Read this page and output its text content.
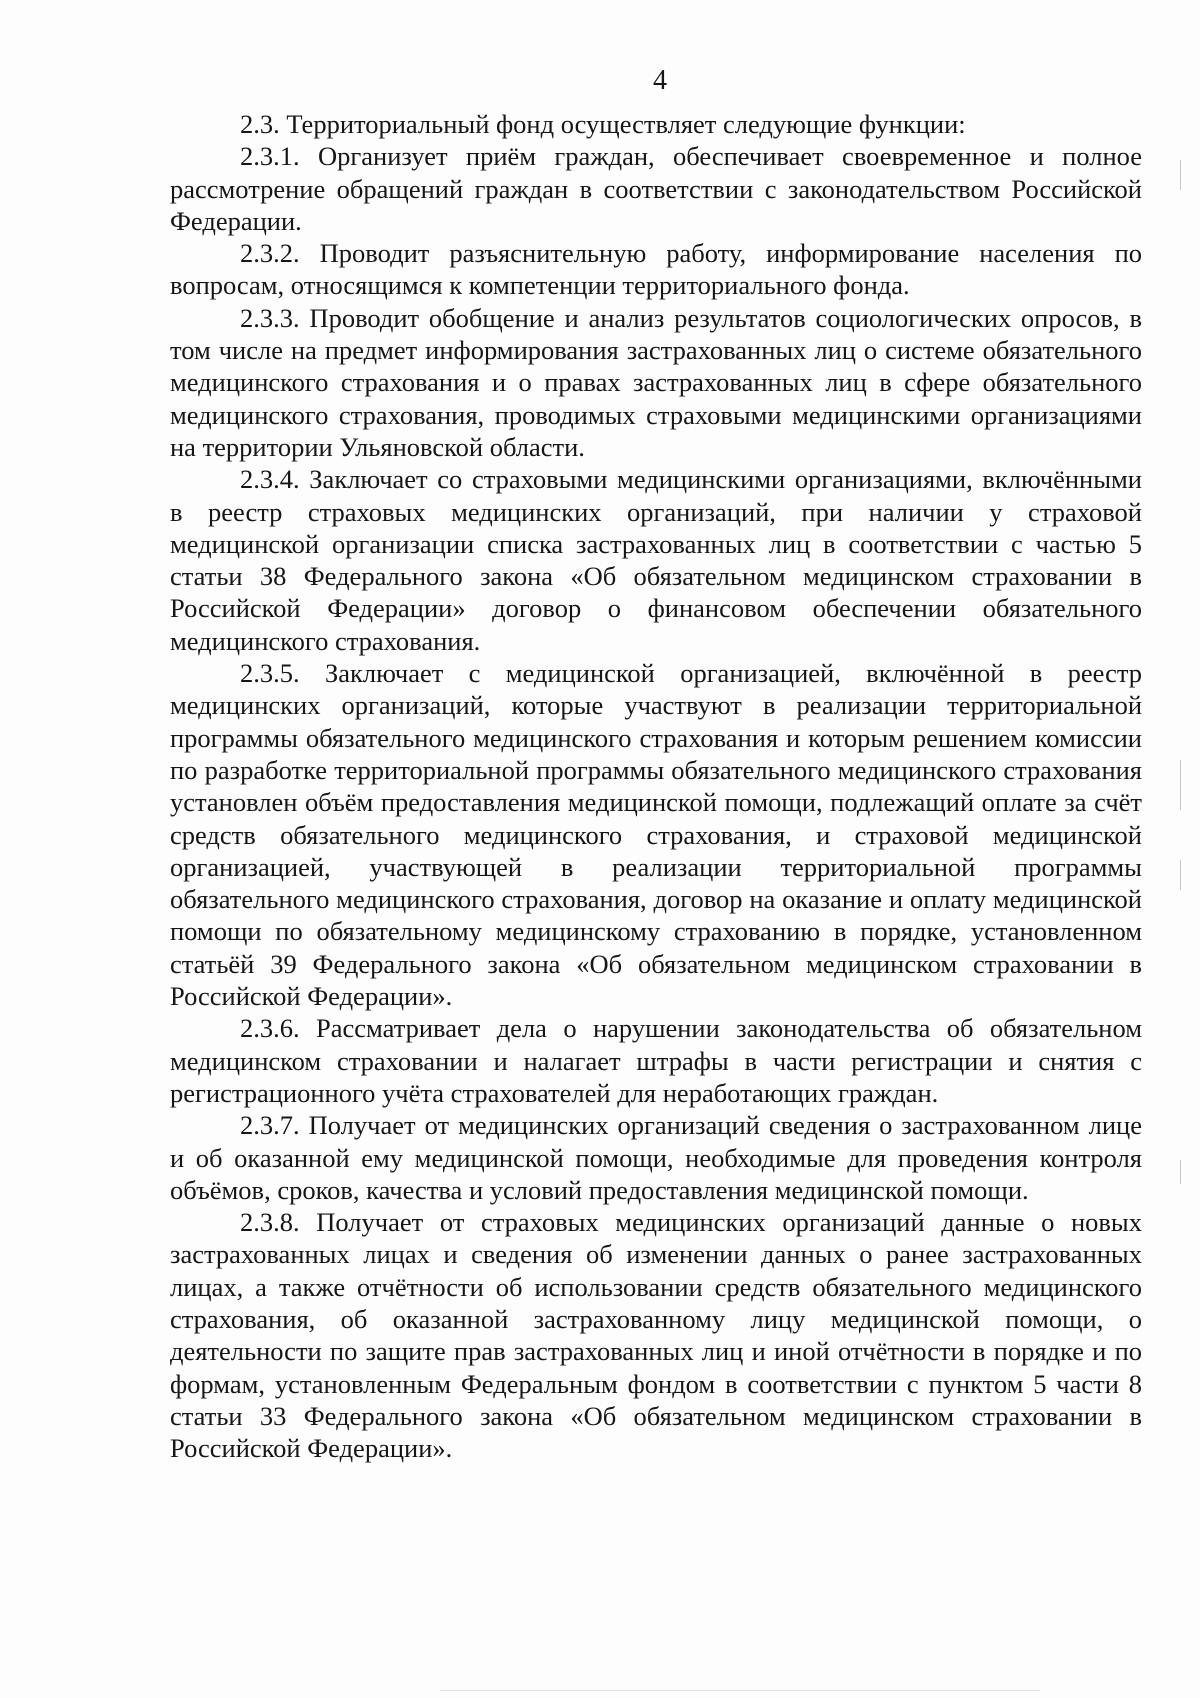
4

2.3. Территориальный фонд осуществляет следующие функции:

2.3.1. Организует приём граждан, обеспечивает своевременное и полное рассмотрение обращений граждан в соответствии с законодательством Российской Федерации.

2.3.2. Проводит разъяснительную работу, информирование населения по вопросам, относящимся к компетенции территориального фонда.

2.3.3. Проводит обобщение и анализ результатов социологических опросов, в том числе на предмет информирования застрахованных лиц о системе обязательного медицинского страхования и о правах застрахованных лиц в сфере обязательного медицинского страхования, проводимых страховыми медицинскими организациями на территории Ульяновской области.

2.3.4. Заключает со страховыми медицинскими организациями, включёнными в реестр страховых медицинских организаций, при наличии у страховой медицинской организации списка застрахованных лиц в соответствии с частью 5 статьи 38 Федерального закона «Об обязательном медицинском страховании в Российской Федерации» договор о финансовом обеспечении обязательного медицинского страхования.

2.3.5. Заключает с медицинской организацией, включённой в реестр медицинских организаций, которые участвуют в реализации территориальной программы обязательного медицинского страхования и которым решением комиссии по разработке территориальной программы обязательного медицинского страхования установлен объём предоставления медицинской помощи, подлежащий оплате за счёт средств обязательного медицинского страхования, и страховой медицинской организацией, участвующей в реализации территориальной программы обязательного медицинского страхования, договор на оказание и оплату медицинской помощи по обязательному медицинскому страхованию в порядке, установленном статьёй 39 Федерального закона «Об обязательном медицинском страховании в Российской Федерации».

2.3.6. Рассматривает дела о нарушении законодательства об обязательном медицинском страховании и налагает штрафы в части регистрации и снятия с регистрационного учёта страхователей для неработающих граждан.

2.3.7. Получает от медицинских организаций сведения о застрахованном лице и об оказанной ему медицинской помощи, необходимые для проведения контроля объёмов, сроков, качества и условий предоставления медицинской помощи.

2.3.8. Получает от страховых медицинских организаций данные о новых застрахованных лицах и сведения об изменении данных о ранее застрахованных лицах, а также отчётности об использовании средств обязательного медицинского страхования, об оказанной застрахованному лицу медицинской помощи, о деятельности по защите прав застрахованных лиц и иной отчётности в порядке и по формам, установленным Федеральным фондом в соответствии с пунктом 5 части 8 статьи 33 Федерального закона «Об обязательном медицинском страховании в Российской Федерации».
